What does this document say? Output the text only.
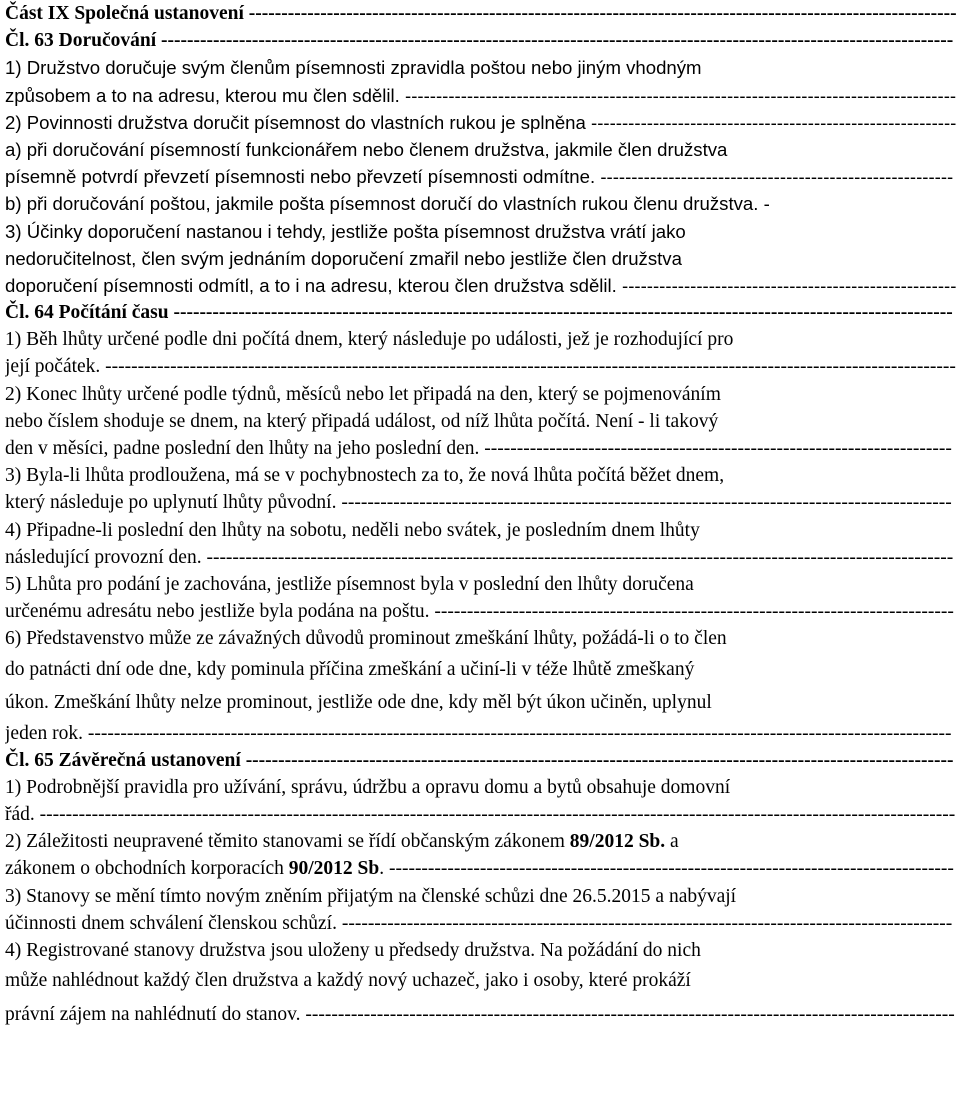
Část IX Společná ustanovení -------------------------------------------------------------------------------------------------------------
Čl. 63 Doručování --------------------------------------------------------------------------------------------------------------------------
1) Družstvo doručuje svým členům písemnosti zpravidla poštou nebo jiným vhodným
způsobem a to na adresu, kterou mu člen sdělil. -----------------------------------------------------------------------------------------
2) Povinnosti družstva doručit písemnost do vlastních rukou je splněna -----------------------------------------------------------
a) při doručování písemností funkcionářem nebo členem družstva, jakmile člen družstva
písemně potvrdí převzetí písemnosti nebo převzetí písemnosti odmítne. ---------------------------------------------------------
b) při doručování poštou, jakmile pošta písemnost doručí do vlastních rukou členu družstva. -
3) Účinky doporučení nastanou i tehdy, jestliže pošta písemnost družstva vrátí jako
nedoručitelnost, člen svým jednáním doporučení zmařil nebo jestliže člen družstva
doporučení písemnosti odmítl, a to i na adresu, kterou člen družstva sdělil. ------------------------------------------------------
Čl. 64 Počítání času ------------------------------------------------------------------------------------------------------------------------
1) Běh lhůty určené podle dni počítá dnem, který následuje po události, jež je rozhodující pro
její počátek. -----------------------------------------------------------------------------------------------------------------------------------
2) Konec lhůty určené podle týdnů, měsíců nebo let připadá na den, který se pojmenováním
nebo číslem shoduje se dnem, na který připadá událost, od níž lhůta počítá. Není - li takový
den v měsíci, padne poslední den lhůty na jeho poslední den. ------------------------------------------------------------------------
3) Byla-li lhůta prodloužena, má se v pochybnostech za to, že nová lhůta počítá běžet dnem,
který následuje po uplynutí lhůty původní. ----------------------------------------------------------------------------------------------
4) Připadne-li poslední den lhůty na sobotu, neděli nebo svátek, je posledním dnem lhůty
následující provozní den. -------------------------------------------------------------------------------------------------------------------
5) Lhůta pro podání je zachována, jestliže písemnost byla v poslední den lhůty doručena
určenému adresátu nebo jestliže byla podána na poštu. --------------------------------------------------------------------------------
6) Představenstvo může ze závažných důvodů prominout zmeškání lhůty, požádá-li o to člen
do patnácti dní ode dne, kdy pominula příčina zmeškání a učiní-li v téže lhůtě zmeškaný
úkon. Zmeškání lhůty nelze prominout, jestliže ode dne, kdy měl být úkon učiněn, uplynul
jeden rok. -------------------------------------------------------------------------------------------------------------------------------------
Čl. 65 Závěrečná ustanovení -------------------------------------------------------------------------------------------------------------
1) Podrobnější pravidla pro užívání, správu, údržbu a opravu domu a bytů obsahuje domovní
řád. ---------------------------------------------------------------------------------------------------------------------------------------------
2) Záležitosti neupravené těmito stanovami se řídí občanským zákonem 89/2012 Sb. a
zákonem o obchodních korporacích 90/2012 Sb. ---------------------------------------------------------------------------------------
3) Stanovy se mění tímto novým zněním přijatým na členské schůzi dne 26.5.2015 a nabývají
účinnosti dnem schválení členskou schůzí. ----------------------------------------------------------------------------------------------
4) Registrované stanovy družstva jsou uloženy u předsedy družstva. Na požádání do nich
může nahlédnout každý člen družstva a každý nový uchazeč, jako i osoby, které prokáží
právní zájem na nahlédnutí do stanov. ----------------------------------------------------------------------------------------------------
